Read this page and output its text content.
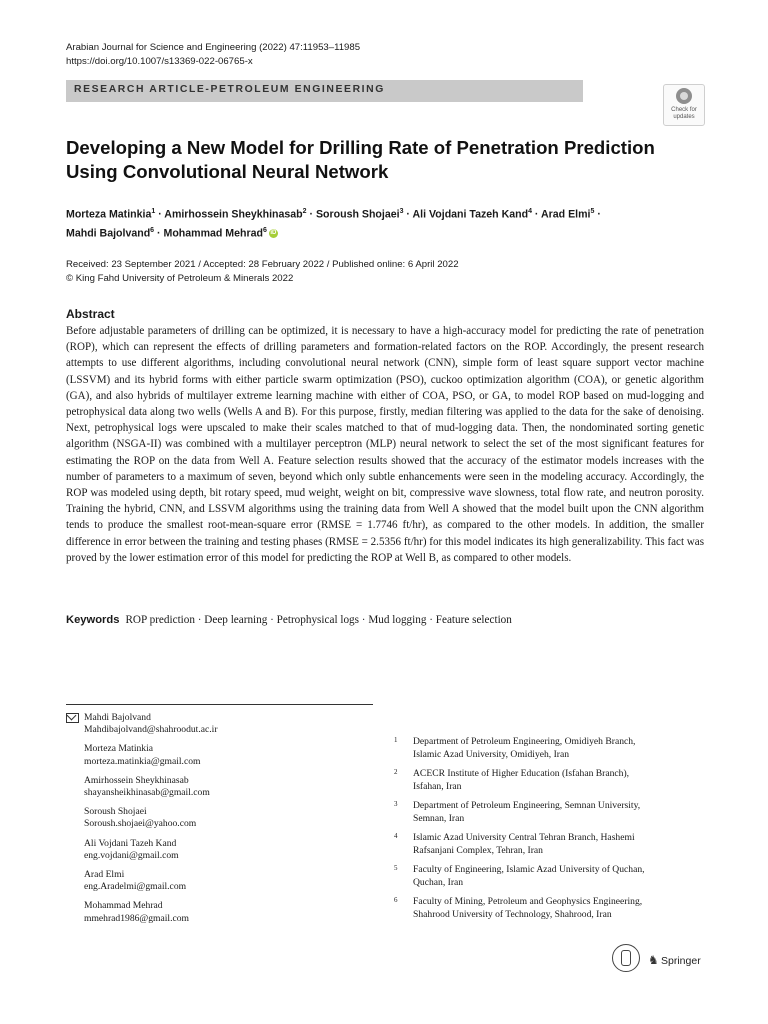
Arabian Journal for Science and Engineering (2022) 47:11953–11985
https://doi.org/10.1007/s13369-022-06765-x
RESEARCH ARTICLE-PETROLEUM ENGINEERING
Check for
updates
Developing a New Model for Drilling Rate of Penetration Prediction Using Convolutional Neural Network
Morteza Matinkia$^1$ · Amirhossein Sheykhinasab$^2$ · Soroush Shojaei$^3$ · Ali Vojdani Tazeh Kand$^4$ · Arad Elmi$^5$ ·
Mahdi Bajolvand$^6$ · Mohammad Mehrad$^6$ iD
Received: 23 September 2021 / Accepted: 28 February 2022 / Published online: 6 April 2022
© King Fahd University of Petroleum & Minerals 2022
Abstract
Before adjustable parameters of drilling can be optimized, it is necessary to have a high-accuracy model for predicting the rate of penetration (ROP), which can represent the effects of drilling parameters and formation-related factors on the ROP. Accordingly, the present research attempts to use different algorithms, including convolutional neural network (CNN), simple form of least square support vector machine (LSSVM) and its hybrid forms with either particle swarm optimization (PSO), cuckoo optimization algorithm (COA), or genetic algorithm (GA), and also hybrids of multilayer extreme learning machine with either of COA, PSO, or GA, to model ROP based on mud-logging and petrophysical data along two wells (Wells A and B). For this purpose, firstly, median filtering was applied to the data for the sake of denoising. Next, petrophysical logs were upscaled to make their scales matched to that of mud-logging data. Then, the nondominated sorting genetic algorithm (NSGA-II) was combined with a multilayer perceptron (MLP) neural network to select the set of the most significant features for estimating the ROP on the data from Well A. Feature selection results showed that the accuracy of the estimator models increases with the number of parameters to a maximum of seven, beyond which only subtle enhancements were seen in the modeling accuracy. Accordingly, the ROP was modeled using depth, bit rotary speed, mud weight, weight on bit, compressive wave slowness, total flow rate, and neutron porosity. Training the hybrid, CNN, and LSSVM algorithms using the training data from Well A showed that the model built upon the CNN algorithm tends to produce the smallest root-mean-square error (RMSE = 1.7746 ft/hr), as compared to the other models. In addition, the smaller difference in error between the training and testing phases (RMSE = 2.5356 ft/hr) for this model indicates its high generalizability. This fact was proved by the lower estimation error of this model for predicting the ROP at Well B, as compared to other models.
Keywords ROP prediction · Deep learning · Petrophysical logs · Mud logging · Feature selection
Mahdi Bajolvand
Mahdibajolvand@shahroodut.ac.ir
Morteza Matinkia
morteza.matinkia@gmail.com
Amirhossein Sheykhinasab
shayansheikhinasab@gmail.com
Soroush Shojaei
Soroush.shojaei@yahoo.com
Ali Vojdani Tazeh Kand
eng.vojdani@gmail.com
Arad Elmi
eng.Aradelmi@gmail.com
Mohammad Mehrad
mmehrad1986@gmail.com
1 Department of Petroleum Engineering, Omidiyeh Branch,
Islamic Azad University, Omidiyeh, Iran
2 ACECR Institute of Higher Education (Isfahan Branch),
Isfahan, Iran
3 Department of Petroleum Engineering, Semnan University,
Semnan, Iran
4 Islamic Azad University Central Tehran Branch, Hashemi
Rafsanjani Complex, Tehran, Iran
5 Faculty of Engineering, Islamic Azad University of Quchan,
Quchan, Iran
6 Faculty of Mining, Petroleum and Geophysics Engineering,
Shahrood University of Technology, Shahrood, Iran
♞ Springer
